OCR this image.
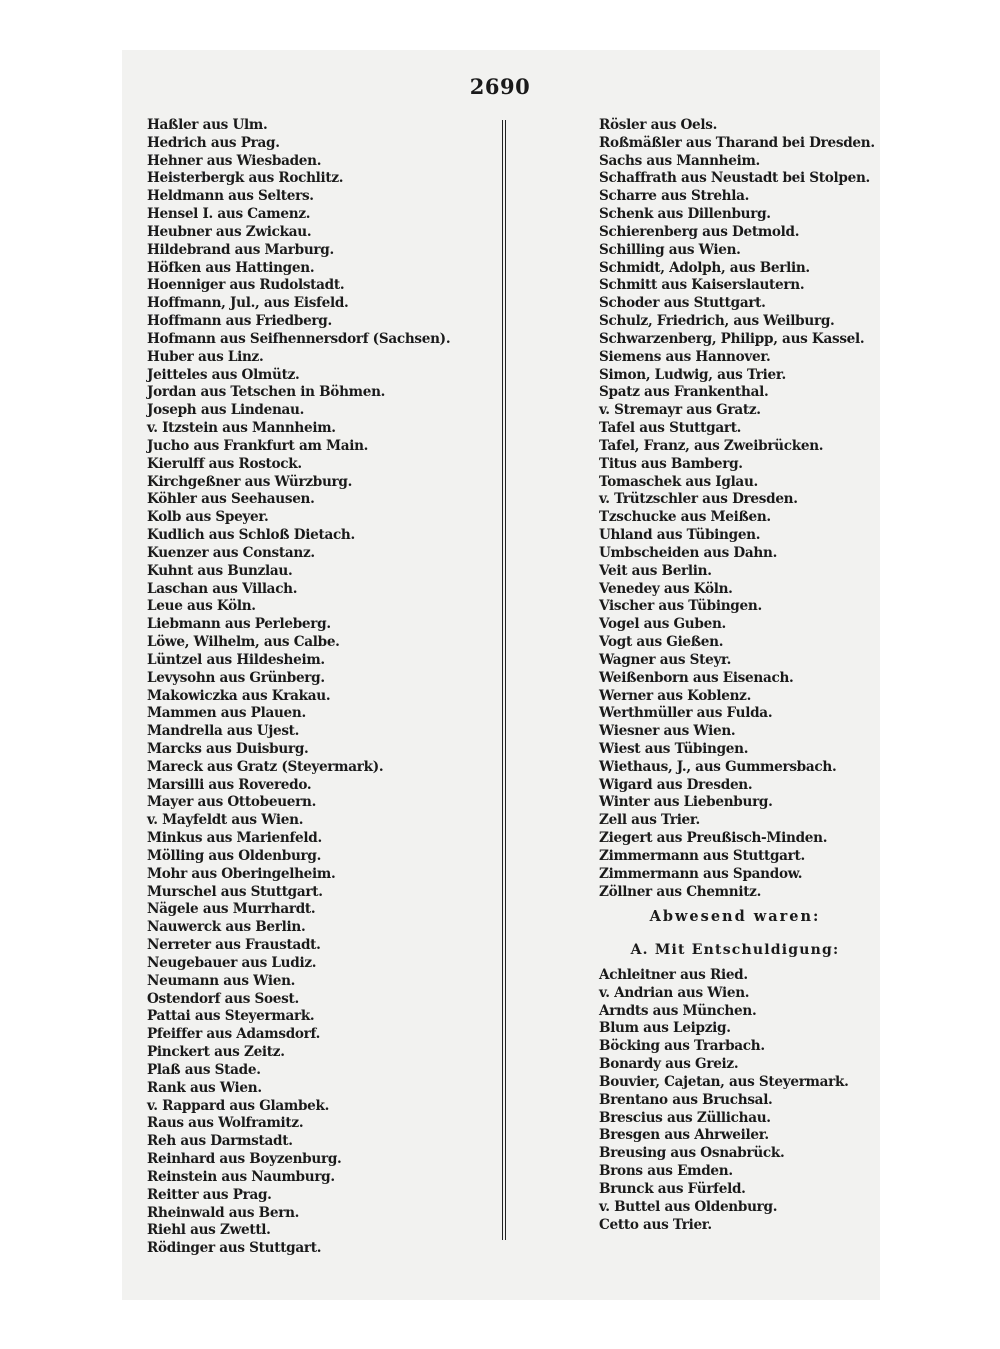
2690
Haßler aus Ulm.
Hedrich aus Prag.
Hehner aus Wiesbaden.
Heisterbergk aus Rochlitz.
Heldmann aus Selters.
Hensel I. aus Camenz.
Heubner aus Zwickau.
Hildebrand aus Marburg.
Höfken aus Hattingen.
Hoenniger aus Rudolstadt.
Hoffmann, Jul., aus Eisfeld.
Hoffmann aus Friedberg.
Hofmann aus Seifhennersdorf (Sachsen).
Huber aus Linz.
Jeitteles aus Olmütz.
Jordan aus Tetschen in Böhmen.
Joseph aus Lindenau.
v. Itzstein aus Mannheim.
Jucho aus Frankfurt am Main.
Kierulff aus Rostock.
Kirchgeßner aus Würzburg.
Köhler aus Seehausen.
Kolb aus Speyer.
Kudlich aus Schloß Dietach.
Kuenzer aus Constanz.
Kuhnt aus Bunzlau.
Laschan aus Villach.
Leue aus Köln.
Liebmann aus Perleberg.
Löwe, Wilhelm, aus Calbe.
Lüntzel aus Hildesheim.
Levysohn aus Grünberg.
Makowiczka aus Krakau.
Mammen aus Plauen.
Mandrella aus Ujest.
Marcks aus Duisburg.
Mareck aus Gratz (Steyermark).
Marsilli aus Roveredo.
Mayer aus Ottobeuern.
v. Mayfeldt aus Wien.
Minkus aus Marienfeld.
Mölling aus Oldenburg.
Mohr aus Oberingelheim.
Murschel aus Stuttgart.
Nägele aus Murrhardt.
Nauwerck aus Berlin.
Nerreter aus Fraustadt.
Neugebauer aus Ludiz.
Neumann aus Wien.
Ostendorf aus Soest.
Pattai aus Steyermark.
Pfeiffer aus Adamsdorf.
Pinckert aus Zeitz.
Plaß aus Stade.
Rank aus Wien.
v. Rappard aus Glambek.
Raus aus Wolframitz.
Reh aus Darmstadt.
Reinhard aus Boyzenburg.
Reinstein aus Naumburg.
Reitter aus Prag.
Rheinwald aus Bern.
Riehl aus Zwettl.
Rödinger aus Stuttgart.
Rösler aus Oels.
Roßmäßler aus Tharand bei Dresden.
Sachs aus Mannheim.
Schaffrath aus Neustadt bei Stolpen.
Scharre aus Strehla.
Schenk aus Dillenburg.
Schierenberg aus Detmold.
Schilling aus Wien.
Schmidt, Adolph, aus Berlin.
Schmitt aus Kaiserslautern.
Schoder aus Stuttgart.
Schulz, Friedrich, aus Weilburg.
Schwarzenberg, Philipp, aus Kassel.
Siemens aus Hannover.
Simon, Ludwig, aus Trier.
Spatz aus Frankenthal.
v. Stremayr aus Gratz.
Tafel aus Stuttgart.
Tafel, Franz, aus Zweibrücken.
Titus aus Bamberg.
Tomaschek aus Iglau.
v. Trützschler aus Dresden.
Tzschucke aus Meißen.
Uhland aus Tübingen.
Umbscheiden aus Dahn.
Veit aus Berlin.
Venedey aus Köln.
Vischer aus Tübingen.
Vogel aus Guben.
Vogt aus Gießen.
Wagner aus Steyr.
Weißenborn aus Eisenach.
Werner aus Koblenz.
Werthmüller aus Fulda.
Wiesner aus Wien.
Wiest aus Tübingen.
Wiethaus, J., aus Gummersbach.
Wigard aus Dresden.
Winter aus Liebenburg.
Zell aus Trier.
Ziegert aus Preußisch-Minden.
Zimmermann aus Stuttgart.
Zimmermann aus Spandow.
Zöllner aus Chemnitz.
Abwesend waren:
A. Mit Entschuldigung:
Achleitner aus Ried.
v. Andrian aus Wien.
Arndts aus München.
Blum aus Leipzig.
Böcking aus Trarbach.
Bonardy aus Greiz.
Bouvier, Cajetan, aus Steyermark.
Brentano aus Bruchsal.
Brescius aus Züllichau.
Bresgen aus Ahrweiler.
Breusing aus Osnabrück.
Brons aus Emden.
Brunck aus Fürfeld.
v. Buttel aus Oldenburg.
Cetto aus Trier.
